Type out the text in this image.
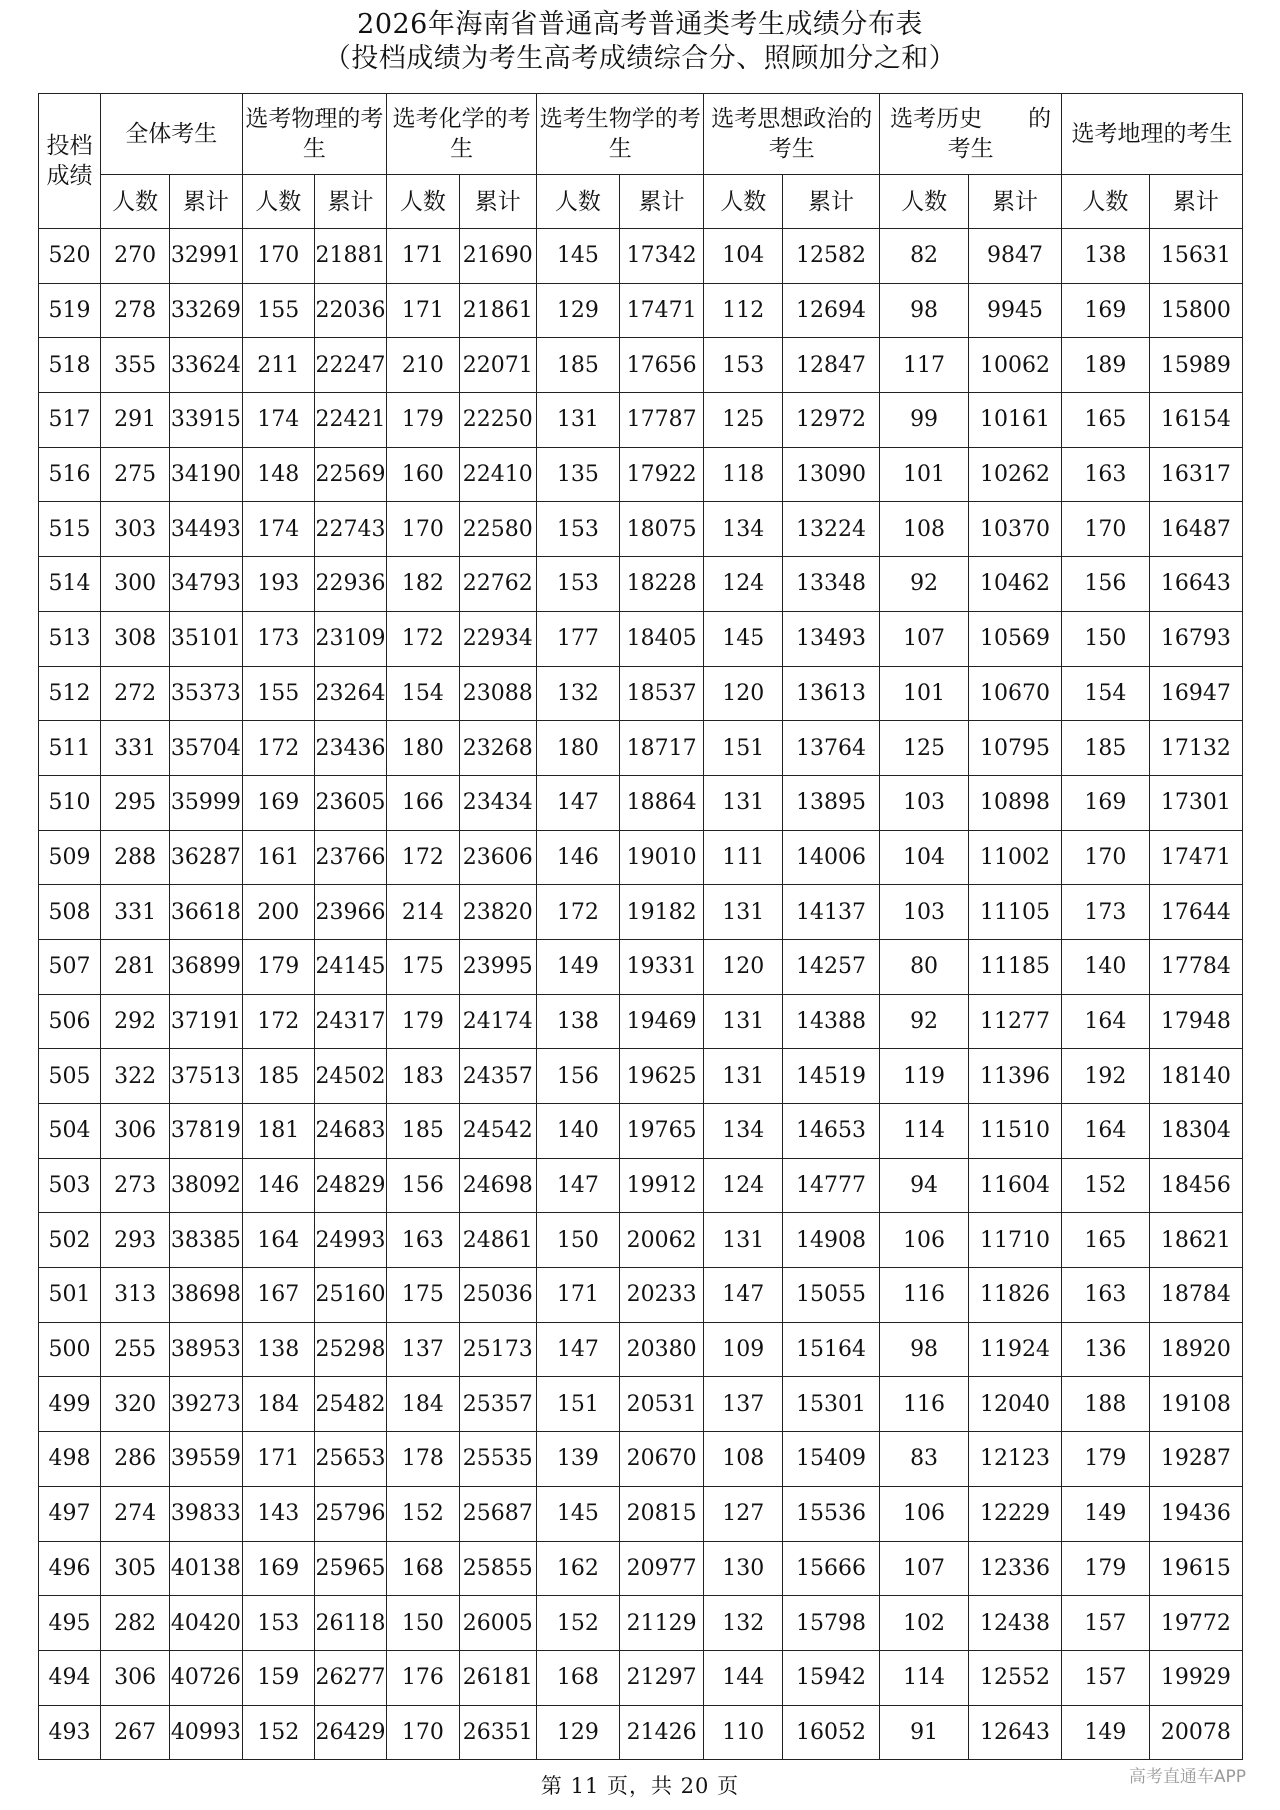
2026年海南省普通高考普通类考生成绩分布表
（投档成绩为考生高考成绩综合分、照顾加分之和）
投档成绩	全体考生		选考物理的考生		选考化学的考生		选考生物学的考生		选考思想政治的考生		选考历史　　的考生		选考地理的考生	
	人数	累计	人数	累计	人数	累计	人数	累计	人数	累计	人数	累计	人数	累计
520	270	32991	170	21881	171	21690	145	17342	104	12582	82	9847	138	15631
519	278	33269	155	22036	171	21861	129	17471	112	12694	98	9945	169	15800
518	355	33624	211	22247	210	22071	185	17656	153	12847	117	10062	189	15989
517	291	33915	174	22421	179	22250	131	17787	125	12972	99	10161	165	16154
516	275	34190	148	22569	160	22410	135	17922	118	13090	101	10262	163	16317
515	303	34493	174	22743	170	22580	153	18075	134	13224	108	10370	170	16487
514	300	34793	193	22936	182	22762	153	18228	124	13348	92	10462	156	16643
513	308	35101	173	23109	172	22934	177	18405	145	13493	107	10569	150	16793
512	272	35373	155	23264	154	23088	132	18537	120	13613	101	10670	154	16947
511	331	35704	172	23436	180	23268	180	18717	151	13764	125	10795	185	17132
510	295	35999	169	23605	166	23434	147	18864	131	13895	103	10898	169	17301
509	288	36287	161	23766	172	23606	146	19010	111	14006	104	11002	170	17471
508	331	36618	200	23966	214	23820	172	19182	131	14137	103	11105	173	17644
507	281	36899	179	24145	175	23995	149	19331	120	14257	80	11185	140	17784
506	292	37191	172	24317	179	24174	138	19469	131	14388	92	11277	164	17948
505	322	37513	185	24502	183	24357	156	19625	131	14519	119	11396	192	18140
504	306	37819	181	24683	185	24542	140	19765	134	14653	114	11510	164	18304
503	273	38092	146	24829	156	24698	147	19912	124	14777	94	11604	152	18456
502	293	38385	164	24993	163	24861	150	20062	131	14908	106	11710	165	18621
501	313	38698	167	25160	175	25036	171	20233	147	15055	116	11826	163	18784
500	255	38953	138	25298	137	25173	147	20380	109	15164	98	11924	136	18920
499	320	39273	184	25482	184	25357	151	20531	137	15301	116	12040	188	19108
498	286	39559	171	25653	178	25535	139	20670	108	15409	83	12123	179	19287
497	274	39833	143	25796	152	25687	145	20815	127	15536	106	12229	149	19436
496	305	40138	169	25965	168	25855	162	20977	130	15666	107	12336	179	19615
495	282	40420	153	26118	150	26005	152	21129	132	15798	102	12438	157	19772
494	306	40726	159	26277	176	26181	168	21297	144	15942	114	12552	157	19929
493	267	40993	152	26429	170	26351	129	21426	110	16052	91	12643	149	20078
第 11 页，共 20 页	高考直通车APP
